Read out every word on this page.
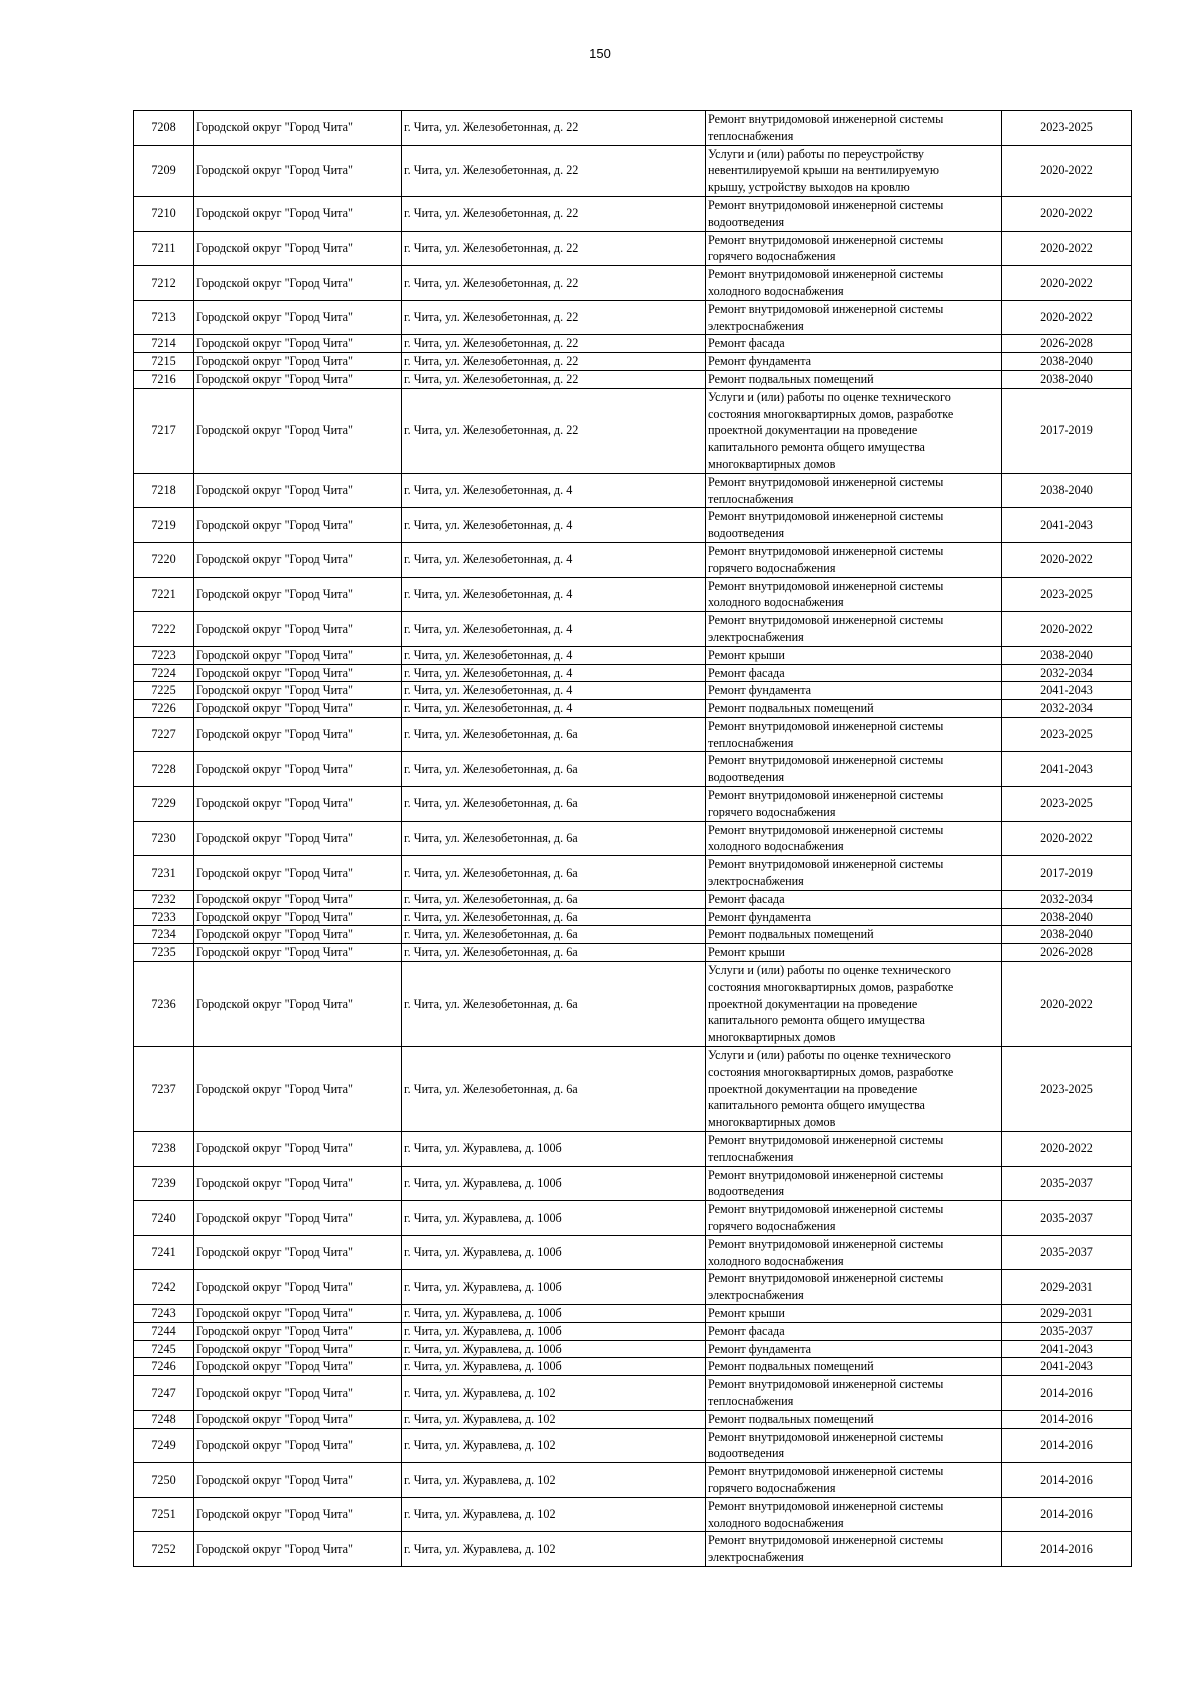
150
7208	Городской округ "Город Чита"	г. Чита, ул. Железобетонная, д. 22	Ремонт внутридомовой инженерной системы
теплоснабжения	2023-2025
7209	Городской округ "Город Чита"	г. Чита, ул. Железобетонная, д. 22	Услуги и (или) работы по переустройству
невентилируемой крыши на вентилируемую
крышу, устройству выходов на кровлю	2020-2022
7210	Городской округ "Город Чита"	г. Чита, ул. Железобетонная, д. 22	Ремонт внутридомовой инженерной системы
водоотведения	2020-2022
7211	Городской округ "Город Чита"	г. Чита, ул. Железобетонная, д. 22	Ремонт внутридомовой инженерной системы
горячего водоснабжения	2020-2022
7212	Городской округ "Город Чита"	г. Чита, ул. Железобетонная, д. 22	Ремонт внутридомовой инженерной системы
холодного водоснабжения	2020-2022
7213	Городской округ "Город Чита"	г. Чита, ул. Железобетонная, д. 22	Ремонт внутридомовой инженерной системы
электроснабжения	2020-2022
7214	Городской округ "Город Чита"	г. Чита, ул. Железобетонная, д. 22	Ремонт фасада	2026-2028
7215	Городской округ "Город Чита"	г. Чита, ул. Железобетонная, д. 22	Ремонт фундамента	2038-2040
7216	Городской округ "Город Чита"	г. Чита, ул. Железобетонная, д. 22	Ремонт подвальных помещений	2038-2040
7217	Городской округ "Город Чита"	г. Чита, ул. Железобетонная, д. 22	Услуги и (или) работы по оценке технического
состояния многоквартирных домов, разработке
проектной документации на проведение
капитального ремонта общего имущества
многоквартирных домов	2017-2019
7218	Городской округ "Город Чита"	г. Чита, ул. Железобетонная, д. 4	Ремонт внутридомовой инженерной системы
теплоснабжения	2038-2040
7219	Городской округ "Город Чита"	г. Чита, ул. Железобетонная, д. 4	Ремонт внутридомовой инженерной системы
водоотведения	2041-2043
7220	Городской округ "Город Чита"	г. Чита, ул. Железобетонная, д. 4	Ремонт внутридомовой инженерной системы
горячего водоснабжения	2020-2022
7221	Городской округ "Город Чита"	г. Чита, ул. Железобетонная, д. 4	Ремонт внутридомовой инженерной системы
холодного водоснабжения	2023-2025
7222	Городской округ "Город Чита"	г. Чита, ул. Железобетонная, д. 4	Ремонт внутридомовой инженерной системы
электроснабжения	2020-2022
7223	Городской округ "Город Чита"	г. Чита, ул. Железобетонная, д. 4	Ремонт крыши	2038-2040
7224	Городской округ "Город Чита"	г. Чита, ул. Железобетонная, д. 4	Ремонт фасада	2032-2034
7225	Городской округ "Город Чита"	г. Чита, ул. Железобетонная, д. 4	Ремонт фундамента	2041-2043
7226	Городской округ "Город Чита"	г. Чита, ул. Железобетонная, д. 4	Ремонт подвальных помещений	2032-2034
7227	Городской округ "Город Чита"	г. Чита, ул. Железобетонная, д. 6а	Ремонт внутридомовой инженерной системы
теплоснабжения	2023-2025
7228	Городской округ "Город Чита"	г. Чита, ул. Железобетонная, д. 6а	Ремонт внутридомовой инженерной системы
водоотведения	2041-2043
7229	Городской округ "Город Чита"	г. Чита, ул. Железобетонная, д. 6а	Ремонт внутридомовой инженерной системы
горячего водоснабжения	2023-2025
7230	Городской округ "Город Чита"	г. Чита, ул. Железобетонная, д. 6а	Ремонт внутридомовой инженерной системы
холодного водоснабжения	2020-2022
7231	Городской округ "Город Чита"	г. Чита, ул. Железобетонная, д. 6а	Ремонт внутридомовой инженерной системы
электроснабжения	2017-2019
7232	Городской округ "Город Чита"	г. Чита, ул. Железобетонная, д. 6а	Ремонт фасада	2032-2034
7233	Городской округ "Город Чита"	г. Чита, ул. Железобетонная, д. 6а	Ремонт фундамента	2038-2040
7234	Городской округ "Город Чита"	г. Чита, ул. Железобетонная, д. 6а	Ремонт подвальных помещений	2038-2040
7235	Городской округ "Город Чита"	г. Чита, ул. Железобетонная, д. 6а	Ремонт крыши	2026-2028
7236	Городской округ "Город Чита"	г. Чита, ул. Железобетонная, д. 6а	Услуги и (или) работы по оценке технического
состояния многоквартирных домов, разработке
проектной документации на проведение
капитального ремонта общего имущества
многоквартирных домов	2020-2022
7237	Городской округ "Город Чита"	г. Чита, ул. Железобетонная, д. 6а	Услуги и (или) работы по оценке технического
состояния многоквартирных домов, разработке
проектной документации на проведение
капитального ремонта общего имущества
многоквартирных домов	2023-2025
7238	Городской округ "Город Чита"	г. Чита, ул. Журавлева, д. 100б	Ремонт внутридомовой инженерной системы
теплоснабжения	2020-2022
7239	Городской округ "Город Чита"	г. Чита, ул. Журавлева, д. 100б	Ремонт внутридомовой инженерной системы
водоотведения	2035-2037
7240	Городской округ "Город Чита"	г. Чита, ул. Журавлева, д. 100б	Ремонт внутридомовой инженерной системы
горячего водоснабжения	2035-2037
7241	Городской округ "Город Чита"	г. Чита, ул. Журавлева, д. 100б	Ремонт внутридомовой инженерной системы
холодного водоснабжения	2035-2037
7242	Городской округ "Город Чита"	г. Чита, ул. Журавлева, д. 100б	Ремонт внутридомовой инженерной системы
электроснабжения	2029-2031
7243	Городской округ "Город Чита"	г. Чита, ул. Журавлева, д. 100б	Ремонт крыши	2029-2031
7244	Городской округ "Город Чита"	г. Чита, ул. Журавлева, д. 100б	Ремонт фасада	2035-2037
7245	Городской округ "Город Чита"	г. Чита, ул. Журавлева, д. 100б	Ремонт фундамента	2041-2043
7246	Городской округ "Город Чита"	г. Чита, ул. Журавлева, д. 100б	Ремонт подвальных помещений	2041-2043
7247	Городской округ "Город Чита"	г. Чита, ул. Журавлева, д. 102	Ремонт внутридомовой инженерной системы
теплоснабжения	2014-2016
7248	Городской округ "Город Чита"	г. Чита, ул. Журавлева, д. 102	Ремонт подвальных помещений	2014-2016
7249	Городской округ "Город Чита"	г. Чита, ул. Журавлева, д. 102	Ремонт внутридомовой инженерной системы
водоотведения	2014-2016
7250	Городской округ "Город Чита"	г. Чита, ул. Журавлева, д. 102	Ремонт внутридомовой инженерной системы
горячего водоснабжения	2014-2016
7251	Городской округ "Город Чита"	г. Чита, ул. Журавлева, д. 102	Ремонт внутридомовой инженерной системы
холодного водоснабжения	2014-2016
7252	Городской округ "Город Чита"	г. Чита, ул. Журавлева, д. 102	Ремонт внутридомовой инженерной системы
электроснабжения	2014-2016
